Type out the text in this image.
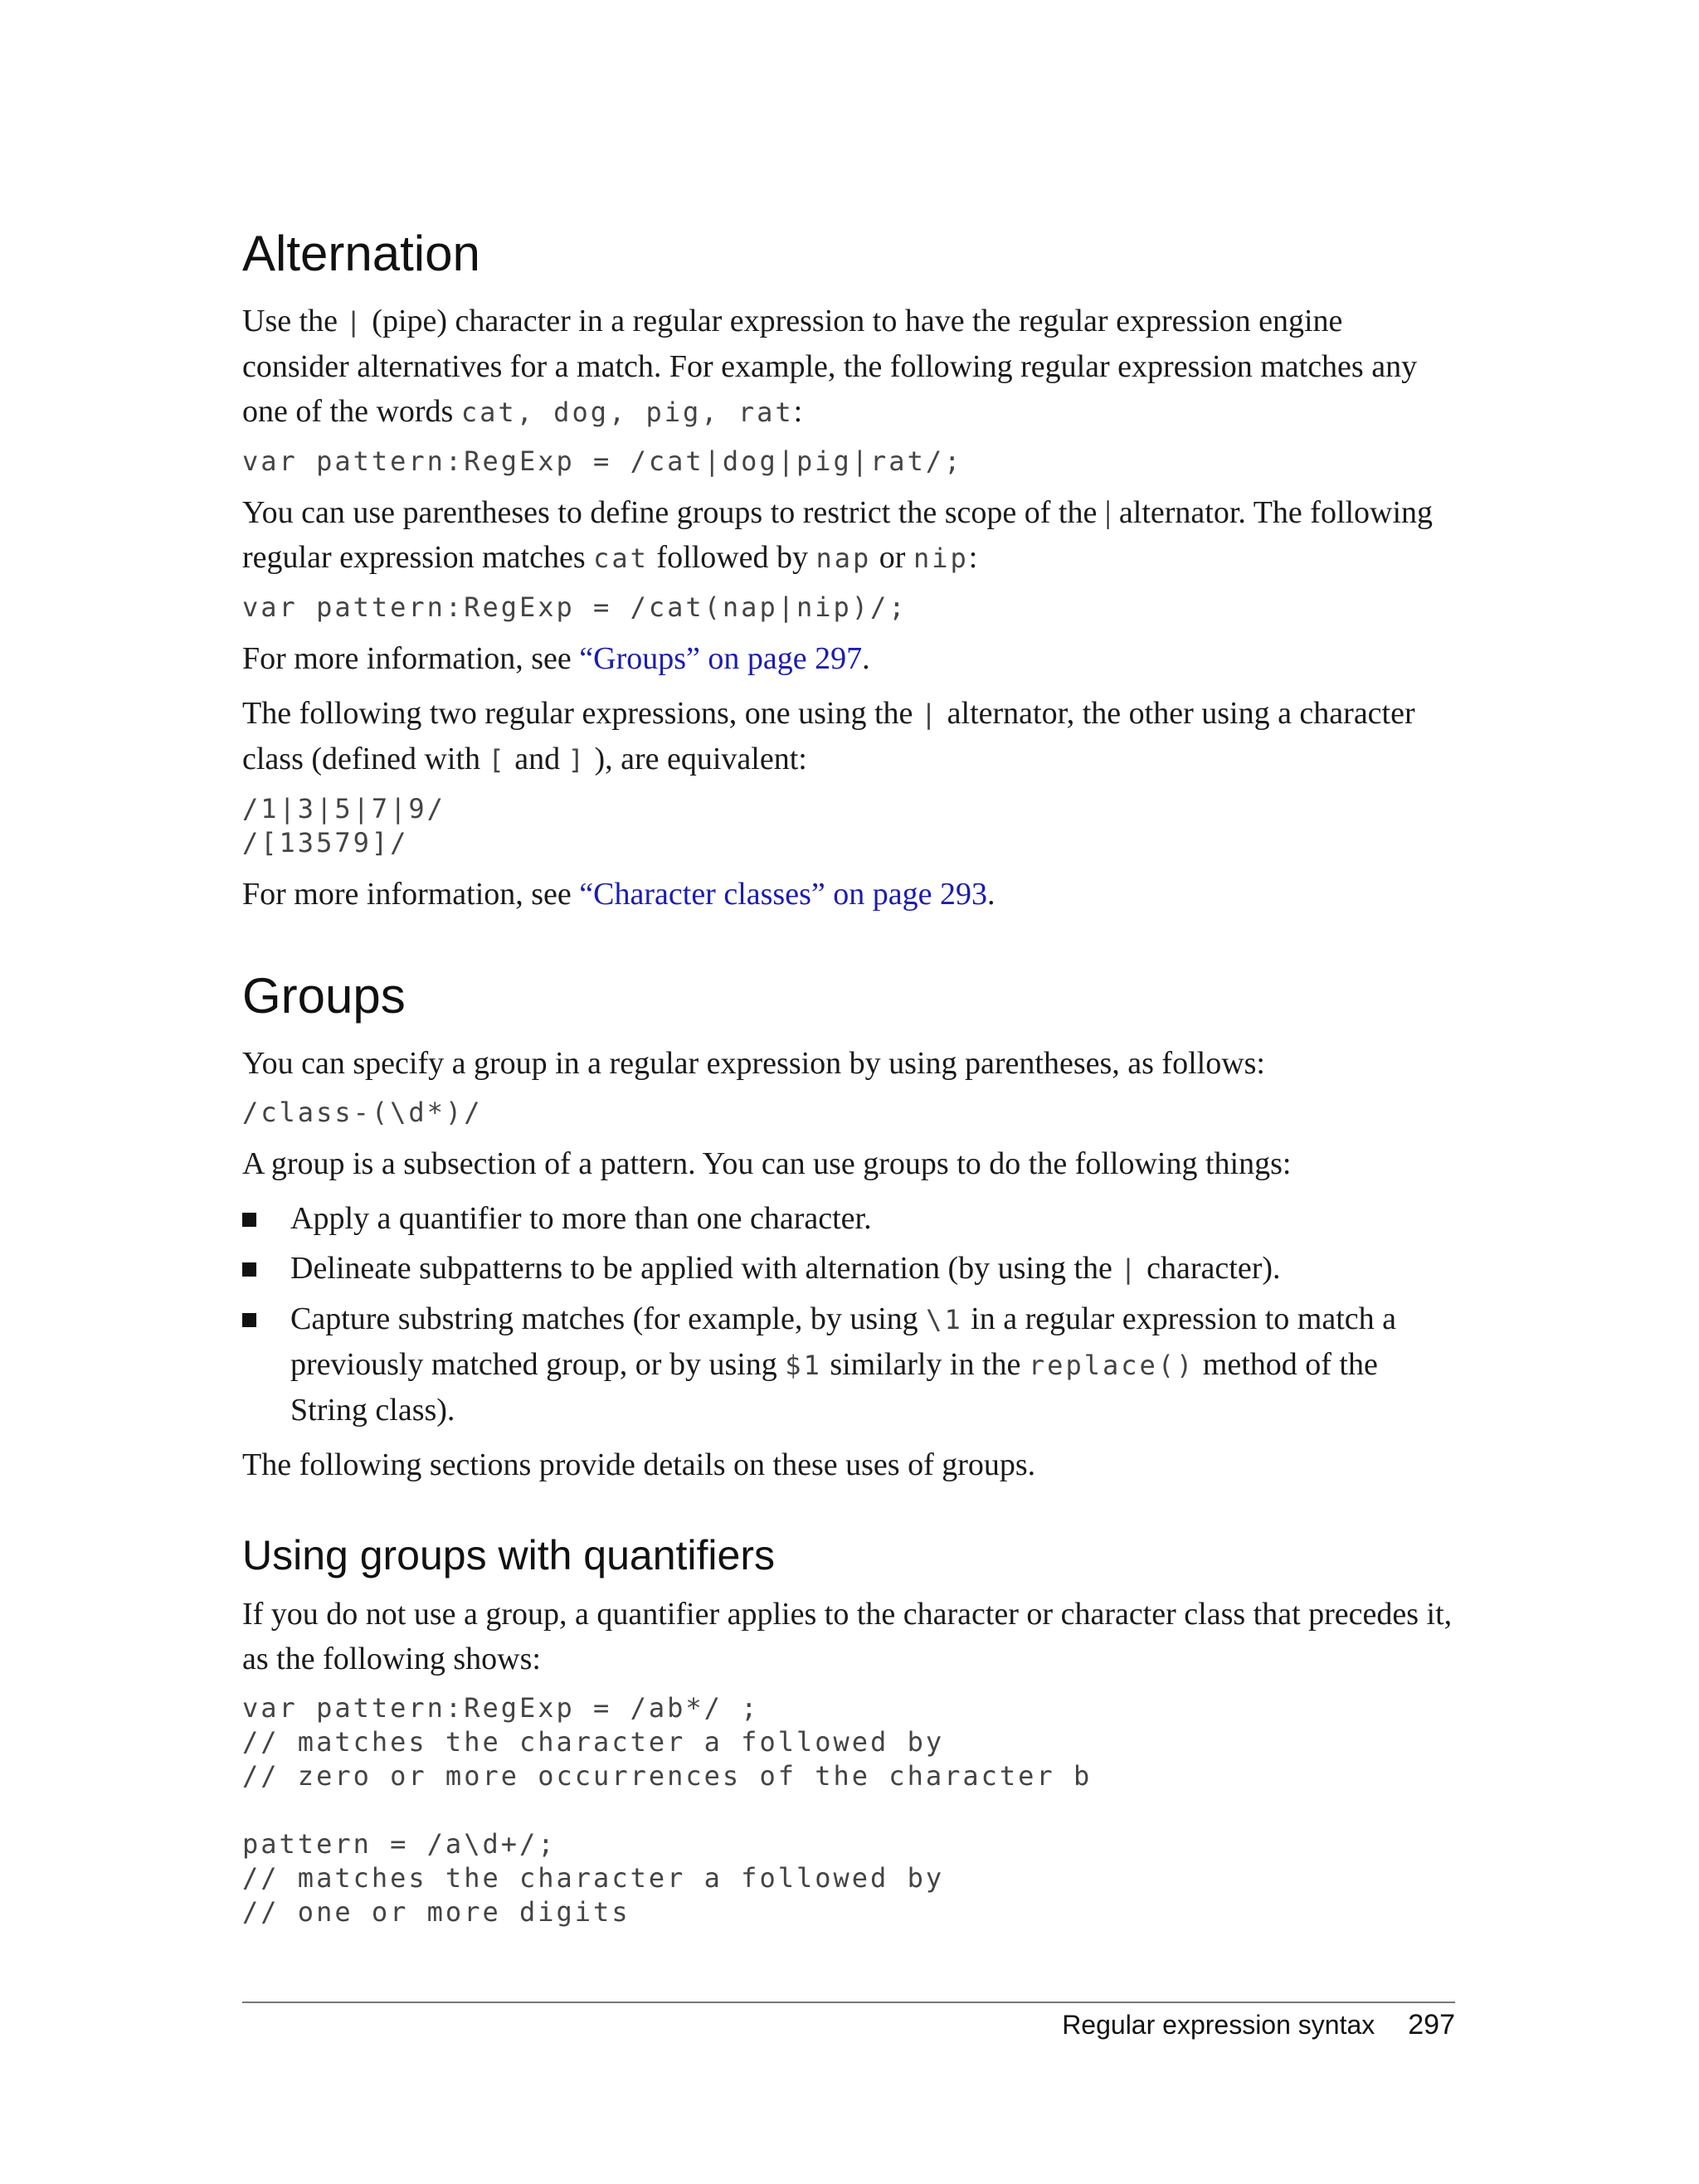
Alternation

Use the | (pipe) character in a regular expression to have the regular expression engine consider alternatives for a match. For example, the following regular expression matches any one of the words cat, dog, pig, rat:

var pattern:RegExp = /cat|dog|pig|rat/;

You can use parentheses to define groups to restrict the scope of the | alternator. The following regular expression matches cat followed by nap or nip:

var pattern:RegExp = /cat(nap|nip)/;

For more information, see “Groups” on page 297.

The following two regular expressions, one using the | alternator, the other using a character class (defined with [ and ] ), are equivalent:

/1|3|5|7|9/
/[13579]/

For more information, see “Character classes” on page 293.

Groups

You can specify a group in a regular expression by using parentheses, as follows:

/class-(\d*)/

A group is a subsection of a pattern. You can use groups to do the following things:

Apply a quantifier to more than one character.
Delineate subpatterns to be applied with alternation (by using the | character).
Capture substring matches (for example, by using \1 in a regular expression to match a previously matched group, or by using $1 similarly in the replace() method of the String class).

The following sections provide details on these uses of groups.

Using groups with quantifiers

If you do not use a group, a quantifier applies to the character or character class that precedes it, as the following shows:

var pattern:RegExp = /ab*/ ;
// matches the character a followed by
// zero or more occurrences of the character b

pattern = /a\d+/;
// matches the character a followed by
// one or more digits
Regular expression syntax 297
